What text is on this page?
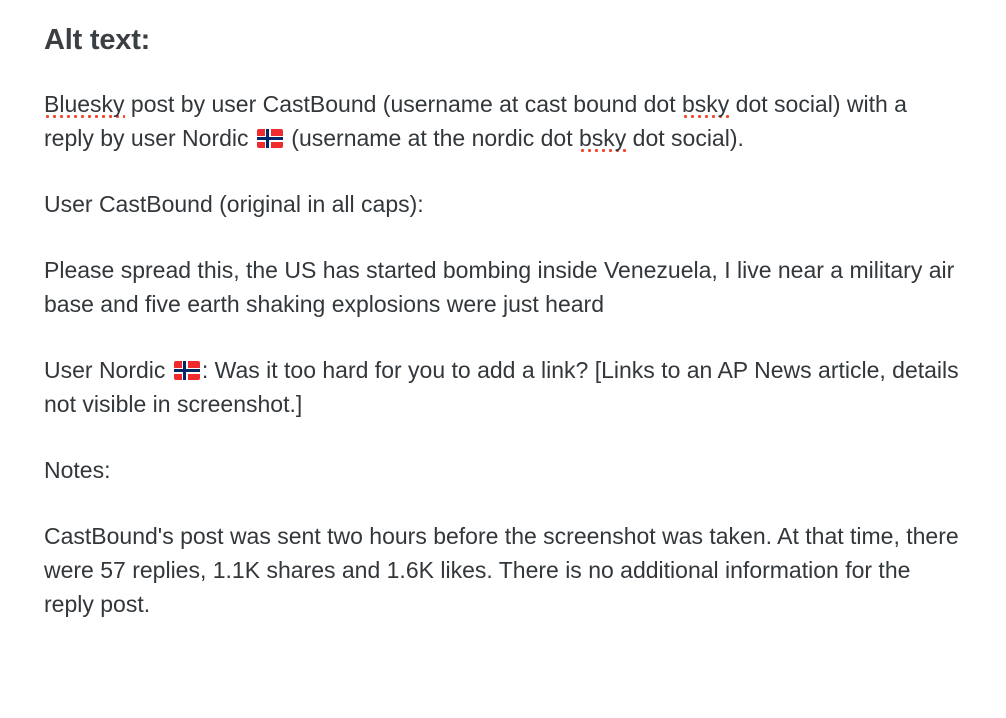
Alt text:

Bluesky post by user CastBound (username at cast bound dot bsky dot social) with a reply by user Nordic
(username at the nordic dot bsky dot social).

User CastBound (original in all caps):

Please spread this, the US has started bombing inside Venezuela, I live near a military air base and five earth shaking explosions were just heard

User Nordic
: Was it too hard for you to add a link? [Links to an AP News article, details not visible in screenshot.]

Notes:

CastBound's post was sent two hours before the screenshot was taken. At that time, there were 57 replies, 1.1K shares and 1.6K likes. There is no additional information for the reply post.
